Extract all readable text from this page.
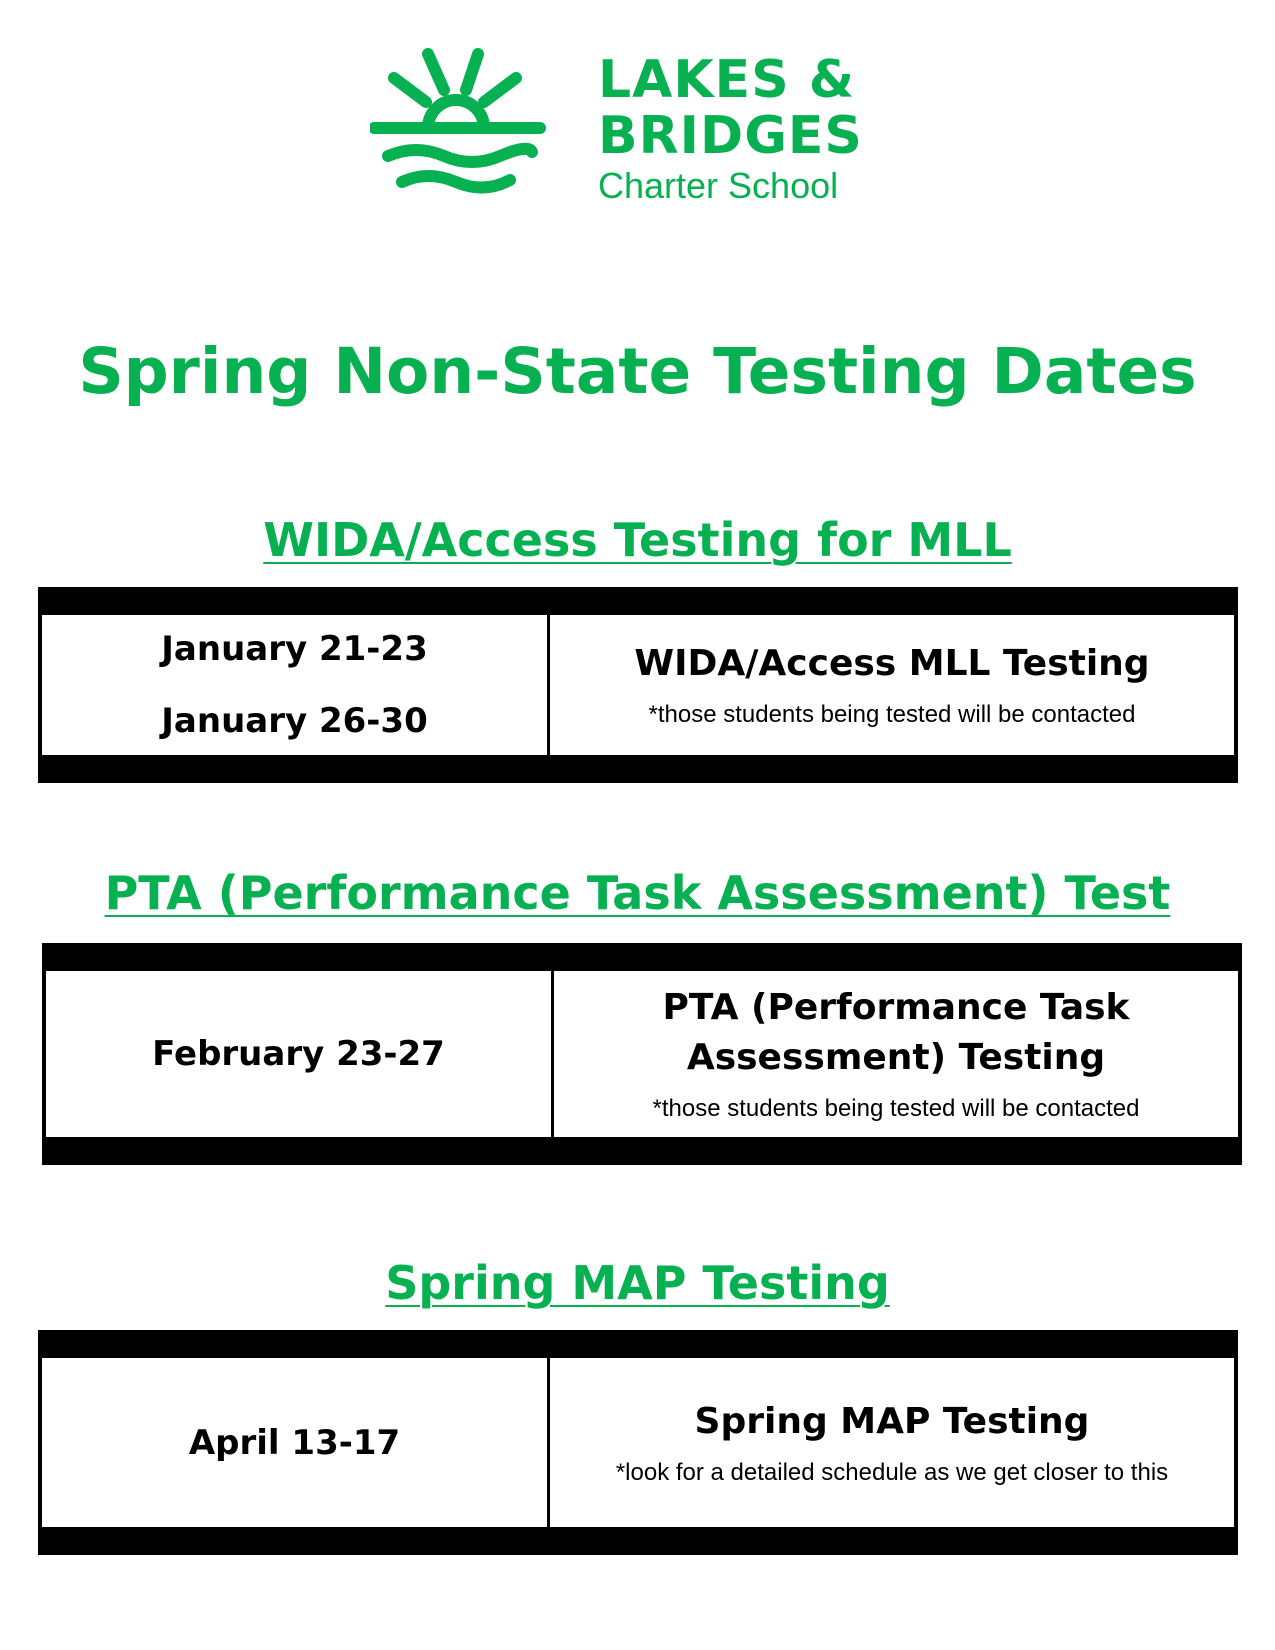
LAKES &
BRIDGES
Charter School
Spring Non-State Testing Dates
WIDA/Access Testing for MLL
January 21-23
January 26-30
WIDA/Access MLL Testing
*those students being tested will be contacted
PTA (Performance Task Assessment) Test
February 23-27
PTA (Performance Task
Assessment) Testing
*those students being tested will be contacted
Spring MAP Testing
April 13-17
Spring MAP Testing
*look for a detailed schedule as we get closer to this
